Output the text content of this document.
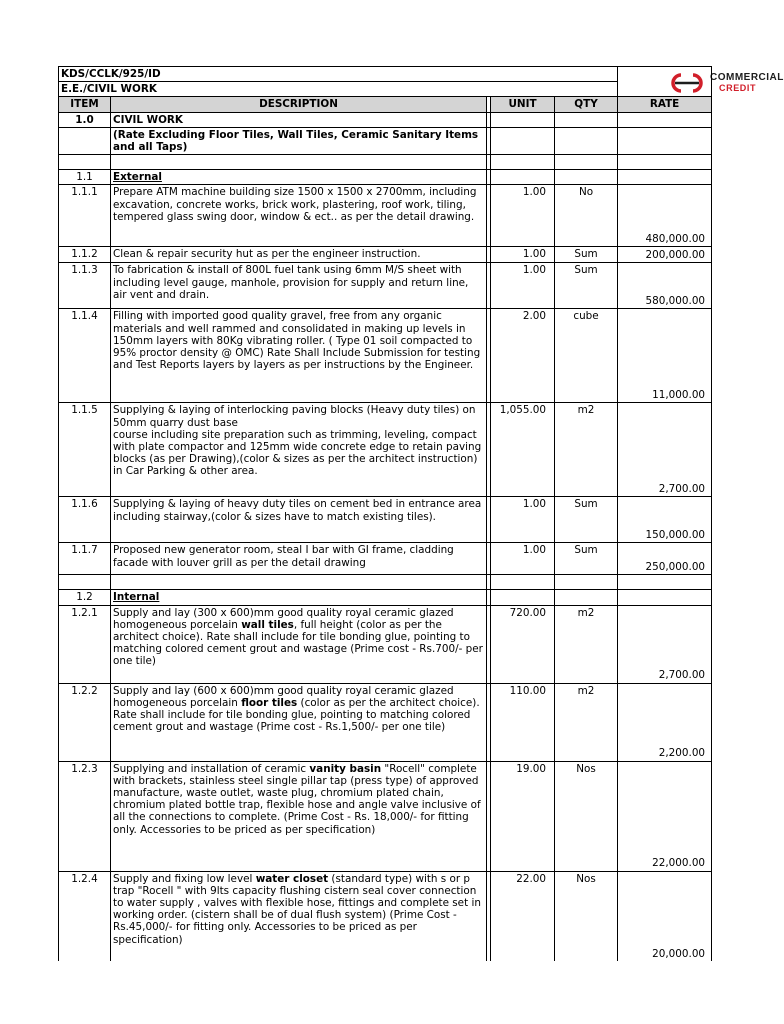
COMMERCIAL
CREDIT
KDS/CCLK/925/ID					
E.E./CIVIL WORK					
ITEM	DESCRIPTION		UNIT	QTY	RATE
1.0	CIVIL WORK				
	(Rate Excluding Floor Tiles, Wall Tiles, Ceramic Sanitary Items and all Taps)				

1.1	External				
1.1.1	Prepare ATM machine building size 1500 x 1500 x 2700mm, including excavation, concrete works, brick work, plastering, roof work, tiling, tempered glass swing door, window & ect.. as per the detail drawing.		1.00	No	480,000.00

1.1.2	Clean & repair security hut as per the engineer instruction.		1.00	Sum	200,000.00

1.1.3	To fabrication & install of 800L fuel tank using 6mm M/S sheet with including level gauge, manhole, provision for supply and return line, air vent and drain.		1.00	Sum	580,000.00

1.1.4	Filling with imported good quality gravel, free from any organic materials and well rammed and consolidated in making up levels in 150mm layers with 80Kg vibrating roller. ( Type 01 soil compacted to 95% proctor density @ OMC) Rate Shall Include Submission for testing and Test Reports layers by layers as per instructions by the Engineer.		2.00	cube	11,000.00

1.1.5	Supplying & laying of interlocking paving blocks (Heavy duty tiles) on 50mm quarry dust base
course including site preparation such as trimming, leveling, compact with plate compactor and 125mm wide concrete edge to retain paving blocks (as per Drawing),(color & sizes as per the architect instruction) in Car Parking & other area.		1,055.00	m2	2,700.00

1.1.6	Supplying & laying of heavy duty tiles on cement bed in entrance area including stairway,(color & sizes have to match existing tiles).		1.00	Sum	150,000.00

1.1.7	Proposed new generator room, steal I bar with GI frame, cladding facade with louver grill as per the detail drawing		1.00	Sum	250,000.00

1.2	Internal				
1.2.1	Supply and lay (300 x 600)mm good quality royal ceramic glazed homogeneous porcelain wall tiles, full height (color as per the architect choice). Rate shall include for tile bonding glue, pointing to matching colored cement grout and wastage (Prime cost - Rs.700/- per one tile)		720.00	m2	2,700.00

1.2.2	Supply and lay (600 x 600)mm good quality royal ceramic glazed homogeneous porcelain floor tiles (color as per the architect choice). Rate shall include for tile bonding glue, pointing to matching colored cement grout and wastage (Prime cost - Rs.1,500/- per one tile)		110.00	m2	2,200.00

1.2.3	Supplying and installation of ceramic vanity basin "Rocell" complete with brackets, stainless steel single pillar tap (press type) of approved manufacture, waste outlet, waste plug, chromium plated chain, chromium plated bottle trap, flexible hose and angle valve inclusive of all the connections to complete. (Prime Cost - Rs. 18,000/- for fitting only. Accessories to be priced as per specification)		19.00	Nos	22,000.00

1.2.4	Supply and fixing low level water closet (standard type) with s or p trap "Rocell " with 9lts capacity flushing cistern seal cover connection to water supply , valves with flexible hose, fittings and complete set in working order. (cistern shall be of dual flush system) (Prime Cost - Rs.45,000/- for fitting only. Accessories to be priced as per specification)		22.00	Nos	20,000.00
